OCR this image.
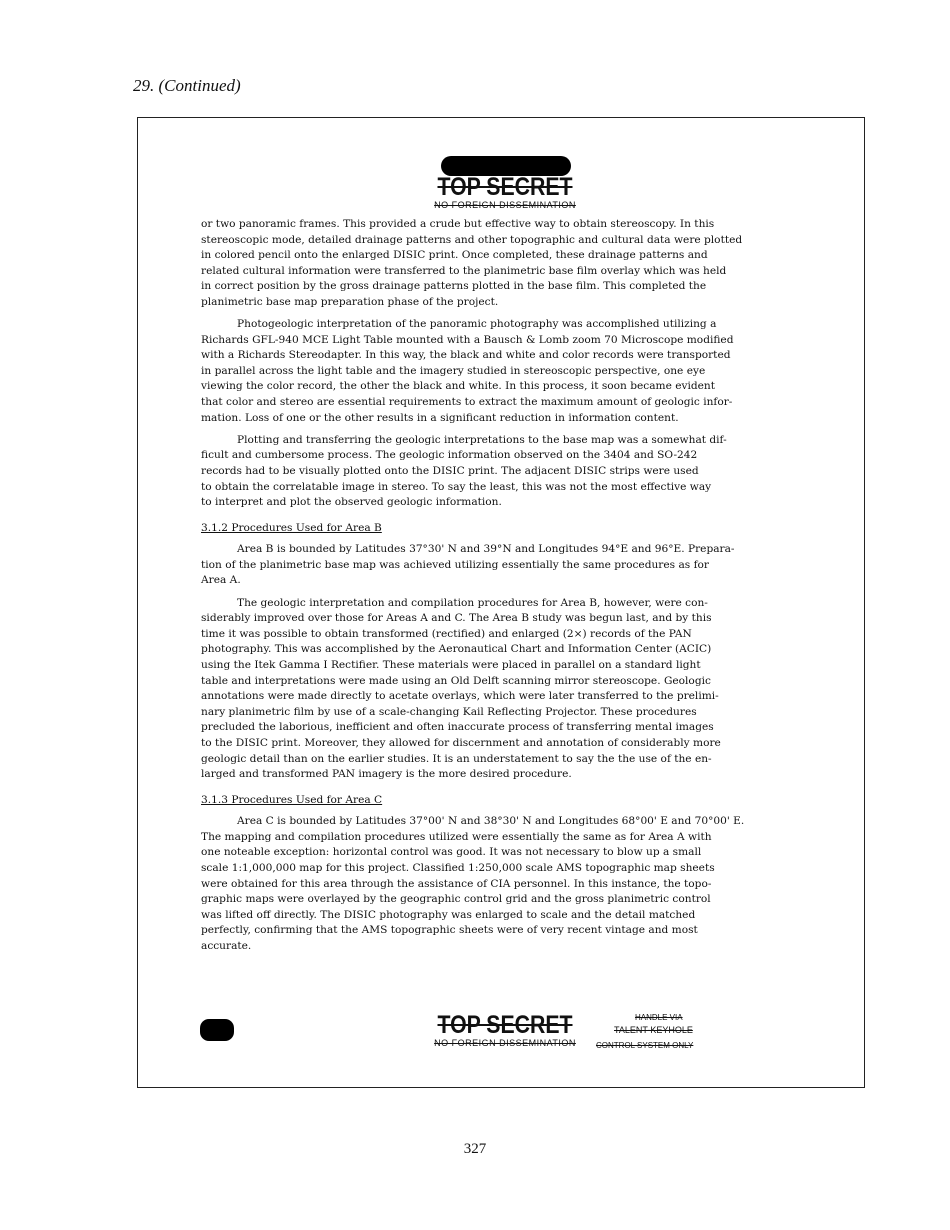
29. (Continued)
TOP SECRET
NO FOREIGN DISSEMINATION
or two panoramic frames. This provided a crude but effective way to obtain stereoscopy. In this
stereoscopic mode, detailed drainage patterns and other topographic and cultural data were plotted
in colored pencil onto the enlarged DISIC print. Once completed, these drainage patterns and
related cultural information were transferred to the planimetric base film overlay which was held
in correct position by the gross drainage patterns plotted in the base film. This completed the
planimetric base map preparation phase of the project.
Photogeologic interpretation of the panoramic photography was accomplished utilizing a
Richards GFL-940 MCE Light Table mounted with a Bausch & Lomb zoom 70 Microscope modified
with a Richards Stereodapter. In this way, the black and white and color records were transported
in parallel across the light table and the imagery studied in stereoscopic perspective, one eye
viewing the color record, the other the black and white. In this process, it soon became evident
that color and stereo are essential requirements to extract the maximum amount of geologic infor-
mation. Loss of one or the other results in a significant reduction in information content.
Plotting and transferring the geologic interpretations to the base map was a somewhat dif-
ficult and cumbersome process. The geologic information observed on the 3404 and SO-242
records had to be visually plotted onto the DISIC print. The adjacent DISIC strips were used
to obtain the correlatable image in stereo. To say the least, this was not the most effective way
to interpret and plot the observed geologic information.
3.1.2 Procedures Used for Area B
Area B is bounded by Latitudes 37°30' N and 39°N and Longitudes 94°E and 96°E. Prepara-
tion of the planimetric base map was achieved utilizing essentially the same procedures as for
Area A.
The geologic interpretation and compilation procedures for Area B, however, were con-
siderably improved over those for Areas A and C. The Area B study was begun last, and by this
time it was possible to obtain transformed (rectified) and enlarged (2×) records of the PAN
photography. This was accomplished by the Aeronautical Chart and Information Center (ACIC)
using the Itek Gamma I Rectifier. These materials were placed in parallel on a standard light
table and interpretations were made using an Old Delft scanning mirror stereoscope. Geologic
annotations were made directly to acetate overlays, which were later transferred to the prelimi-
nary planimetric film by use of a scale-changing Kail Reflecting Projector. These procedures
precluded the laborious, inefficient and often inaccurate process of transferring mental images
to the DISIC print. Moreover, they allowed for discernment and annotation of considerably more
geologic detail than on the earlier studies. It is an understatement to say the the use of the en-
larged and transformed PAN imagery is the more desired procedure.
3.1.3 Procedures Used for Area C
Area C is bounded by Latitudes 37°00' N and 38°30' N and Longitudes 68°00' E and 70°00' E.
The mapping and compilation procedures utilized were essentially the same as for Area A with
one noteable exception: horizontal control was good. It was not necessary to blow up a small
scale 1:1,000,000 map for this project. Classified 1:250,000 scale AMS topographic map sheets
were obtained for this area through the assistance of CIA personnel. In this instance, the topo-
graphic maps were overlayed by the geographic control grid and the gross planimetric control
was lifted off directly. The DISIC photography was enlarged to scale and the detail matched
perfectly, confirming that the AMS topographic sheets were of very recent vintage and most
accurate.
TOP SECRET
NO FOREIGN DISSEMINATION
HANDLE VIA
TALENT-KEYHOLE
CONTROL SYSTEM ONLY
327
